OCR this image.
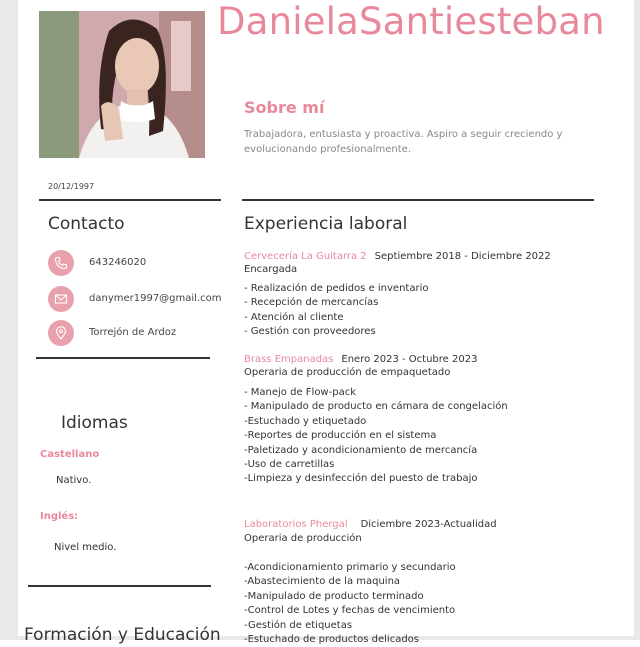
DanielaSantiesteban
Sobre mí
Trabajadora, entusiasta y proactiva. Aspiro a seguir creciendo y evolucionando profesionalmente.
20/12/1997
Contacto
643246020
danymer1997@gmail.com
Torrejón de Ardoz
Idiomas
Castellano
Nativo.
Inglés:
Nivel medio.
Formación y Educación
Experiencia laboral
Cervecería La Guitarra 2 Septiembre 2018 - Diciembre 2022
Encargada
- Realización de pedidos e inventario
- Recepción de mercancías
- Atención al cliente
- Gestión con proveedores
Brass Empanadas Enero 2023 - Octubre 2023
Operaria de producción de empaquetado
- Manejo de Flow-pack
- Manipulado de producto en cámara de congelación
-Estuchado y etiquetado
-Reportes de producción en el sistema
-Paletizado y acondicionamiento de mercancía
-Uso de carretillas
-Limpieza y desinfección del puesto de trabajo
Laboratorios Phergal Diciembre 2023-Actualidad
Operaria de producción
-Acondicionamiento primario y secundario
-Abastecimiento de la maquina
-Manipulado de producto terminado
-Control de Lotes y fechas de vencimiento
-Gestión de etiquetas
-Estuchado de productos delicados
